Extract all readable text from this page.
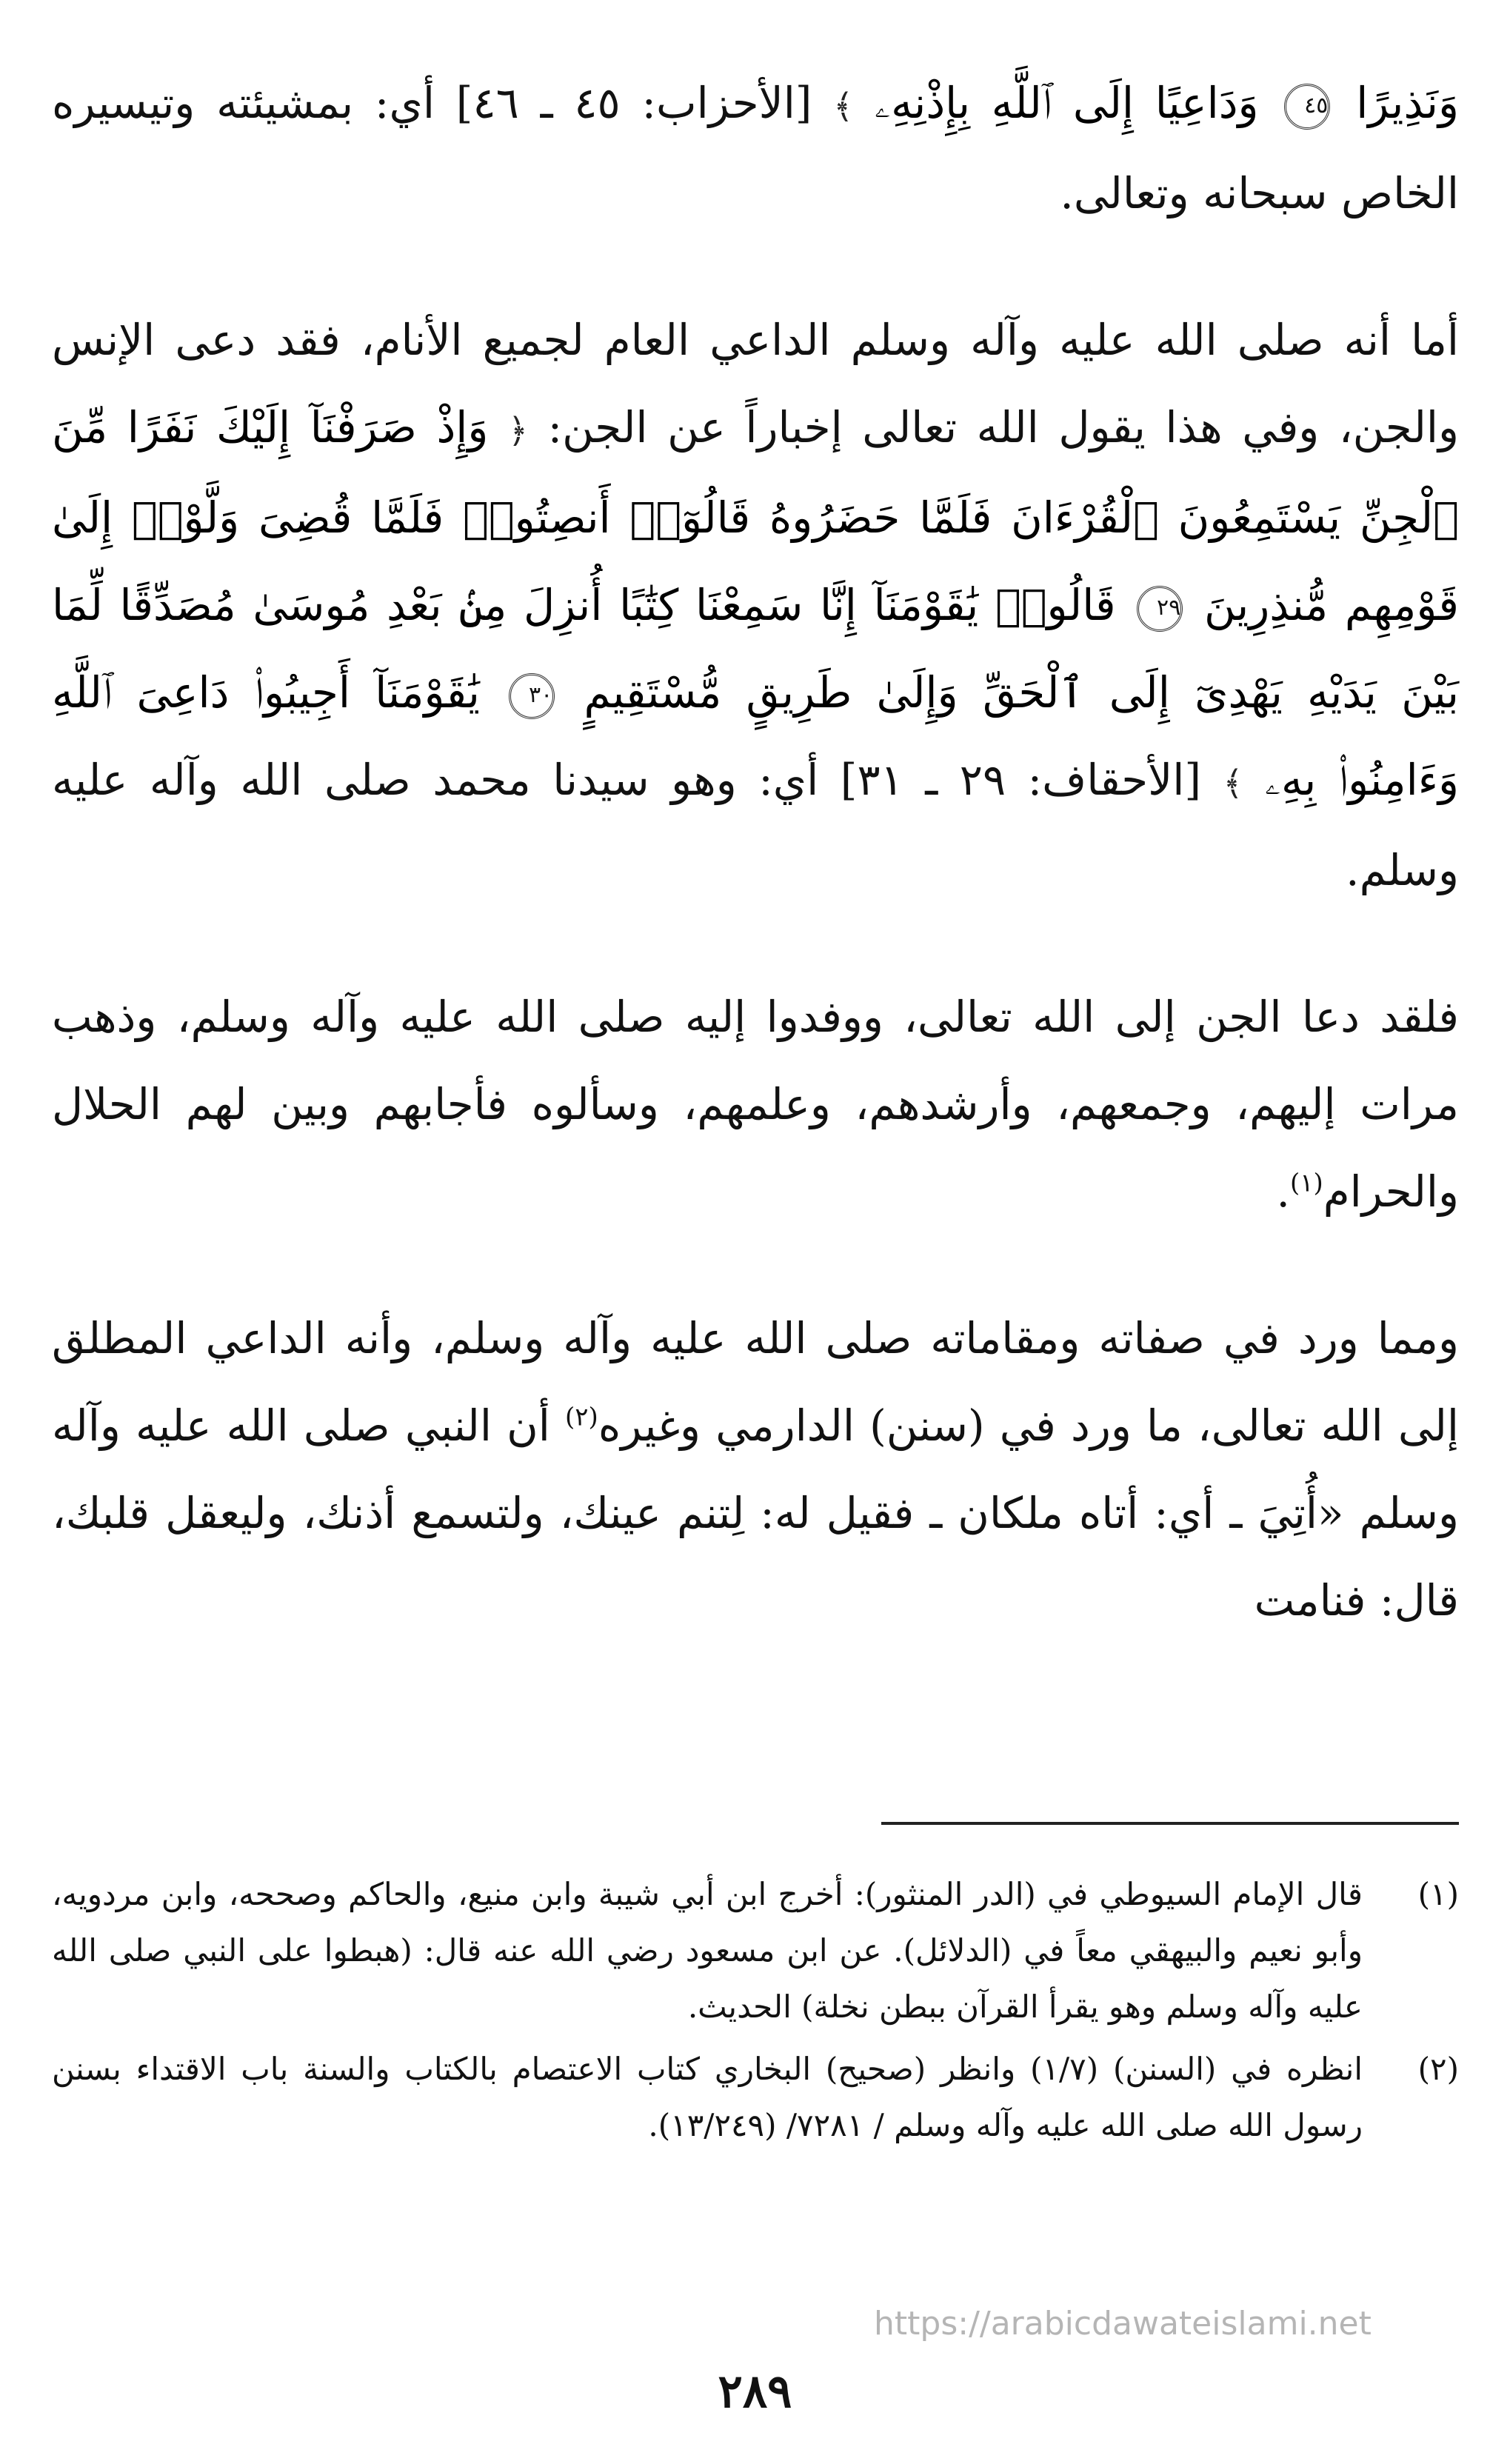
وَنَذِيرًا ٤٥ وَدَاعِيًا إِلَى ٱللَّهِ بِإِذْنِهِۦ ﴾ [الأحزاب: ٤٥ ـ ٤٦] أي: بمشيئته وتيسيره الخاص سبحانه وتعالى.

أما أنه صلى الله عليه وآله وسلم الداعي العام لجميع الأنام، فقد دعى الإنس والجن، وفي هذا يقول الله تعالى إخباراً عن الجن: ﴿ وَإِذْ صَرَفْنَآ إِلَيْكَ نَفَرًا مِّنَ ٱلْجِنِّ يَسْتَمِعُونَ ٱلْقُرْءَانَ فَلَمَّا حَضَرُوهُ قَالُوٓا۟ أَنصِتُوا۟ فَلَمَّا قُضِىَ وَلَّوْا۟ إِلَىٰ قَوْمِهِم مُّنذِرِينَ ٢٩ قَالُوا۟ يَٰقَوْمَنَآ إِنَّا سَمِعْنَا كِتَٰبًا أُنزِلَ مِنۢ بَعْدِ مُوسَىٰ مُصَدِّقًا لِّمَا بَيْنَ يَدَيْهِ يَهْدِىٓ إِلَى ٱلْحَقِّ وَإِلَىٰ طَرِيقٍ مُّسْتَقِيمٍ ٣٠ يَٰقَوْمَنَآ أَجِيبُوا۟ دَاعِىَ ٱللَّهِ وَءَامِنُوا۟ بِهِۦ ﴾ [الأحقاف: ٢٩ ـ ٣١] أي: وهو سيدنا محمد صلى الله وآله عليه وسلم.

فلقد دعا الجن إلى الله تعالى، ووفدوا إليه صلى الله عليه وآله وسلم، وذهب مرات إليهم، وجمعهم، وأرشدهم، وعلمهم، وسألوه فأجابهم وبين لهم الحلال والحرام$^{(١)}$.

ومما ورد في صفاته ومقاماته صلى الله عليه وآله وسلم، وأنه الداعي المطلق إلى الله تعالى، ما ورد في (سنن) الدارمي وغيره$^{(٢)}$ أن النبي صلى الله عليه وآله وسلم «أُتِيَ ـ أي: أتاه ملكان ـ فقيل له: لِتنم عينك، ولتسمع أذنك، وليعقل قلبك، قال: فنامت

(١)
قال الإمام السيوطي في (الدر المنثور): أخرج ابن أبي شيبة وابن منيع، والحاكم وصححه، وابن مردويه، وأبو نعيم والبيهقي معاً في (الدلائل). عن ابن مسعود رضي الله عنه قال: (هبطوا على النبي صلى الله عليه وآله وسلم وهو يقرأ القرآن ببطن نخلة) الحديث.
(٢)
انظره في (السنن) (١/٧) وانظر (صحيح) البخاري كتاب الاعتصام بالكتاب والسنة باب الاقتداء بسنن رسول الله صلى الله عليه وآله وسلم / ٧٢٨١/ (١٣/٢٤٩).
https://arabicdawateislami.net
٢٨٩
